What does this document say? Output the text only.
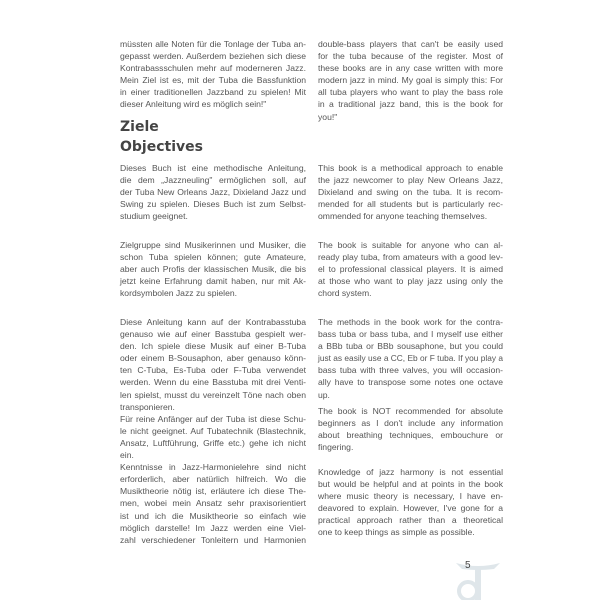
Ziele
Objectives
müssten alle Noten für die Tonlage der Tuba an-
gepasst werden. Außerdem beziehen sich diese
Kontrabassschulen mehr auf moderneren Jazz.
Mein Ziel ist es, mit der Tuba die Bassfunktion
in einer traditionellen Jazzband zu spielen! Mit
dieser Anleitung wird es möglich sein!"
Dieses Buch ist eine methodische Anleitung,
die dem „Jazzneuling" ermöglichen soll, auf
der Tuba New Orleans Jazz, Dixieland Jazz und
Swing zu spielen. Dieses Buch ist zum Selbst-
studium geeignet.
Zielgruppe sind Musikerinnen und Musiker, die
schon Tuba spielen können; gute Amateure,
aber auch Profis der klassischen Musik, die bis
jetzt keine Erfahrung damit haben, nur mit Ak-
kordsymbolen Jazz zu spielen.
Diese Anleitung kann auf der Kontrabasstuba
genauso wie auf einer Basstuba gespielt wer-
den. Ich spiele diese Musik auf einer B-Tuba
oder einem B-Sousaphon, aber genauso könn-
ten C-Tuba, Es-Tuba oder F-Tuba verwendet
werden. Wenn du eine Basstuba mit drei Venti-
len spielst, musst du vereinzelt Töne nach oben
transponieren.
Für reine Anfänger auf der Tuba ist diese Schu-
le nicht geeignet. Auf Tubatechnik (Blastechnik,
Ansatz, Luftführung, Griffe etc.) gehe ich nicht
ein.
Kenntnisse in Jazz-Harmonielehre sind nicht
erforderlich, aber natürlich hilfreich. Wo die
Musiktheorie nötig ist, erläutere ich diese The-
men, wobei mein Ansatz sehr praxisorientiert
ist und ich die Musiktheorie so einfach wie
möglich darstelle! Im Jazz werden eine Viel-
zahl verschiedener Tonleitern und Harmonien
double-bass players that can't be easily used
for the tuba because of the register. Most of
these books are in any case written with more
modern jazz in mind. My goal is simply this: For
all tuba players who want to play the bass role
in a traditional jazz band, this is the book for
you!"
This book is a methodical approach to enable
the jazz newcomer to play New Orleans Jazz,
Dixieland and swing on the tuba. It is recom-
mended for all students but is particularly rec-
ommended for anyone teaching themselves.
The book is suitable for anyone who can al-
ready play tuba, from amateurs with a good lev-
el to professional classical players. It is aimed
at those who want to play jazz using only the
chord system.
The methods in the book work for the contra-
bass tuba or bass tuba, and I myself use either
a BBb tuba or BBb sousaphone, but you could
just as easily use a CC, Eb or F tuba. If you play a
bass tuba with three valves, you will occasion-
ally have to transpose some notes one octave
up.
The book is NOT recommended for absolute
beginners as I don't include any information
about breathing techniques, embouchure or
fingering.
Knowledge of jazz harmony is not essential
but would be helpful and at points in the book
where music theory is necessary, I have en-
deavored to explain. However, I've gone for a
practical approach rather than a theoretical
one to keep things as simple as possible.
5
